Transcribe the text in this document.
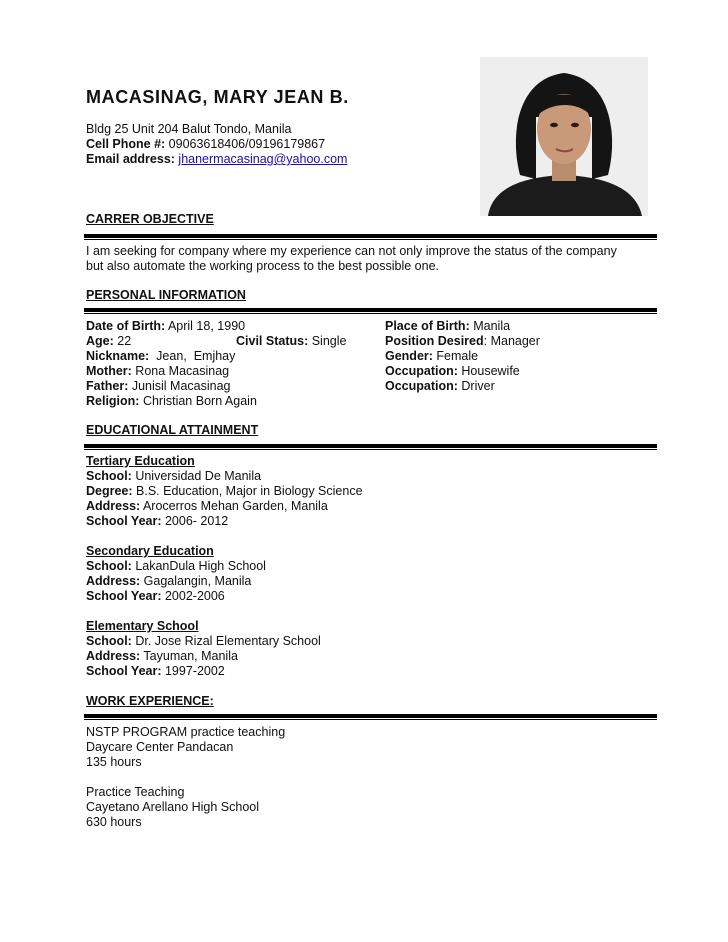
MACASINAG, MARY JEAN B.
Bldg 25 Unit 204 Balut Tondo, Manila
Cell Phone #: 09063618406/09196179867
Email address: jhanermacasinag@yahoo.com
CARRER OBJECTIVE
I am seeking for company where my experience can not only improve the status of the company
but also automate the working process to the best possible one.
PERSONAL INFORMATION
Date of Birth: April 18, 1990
Age: 22
Nickname:  Jean,  Emjhay
Mother: Rona Macasinag
Father: Junisil Macasinag
Religion: Christian Born Again
Civil Status: Single
Place of Birth: Manila
Position Desired: Manager
Gender: Female
Occupation: Housewife
Occupation: Driver
EDUCATIONAL ATTAINMENT
Tertiary Education
School: Universidad De Manila
Degree: B.S. Education, Major in Biology Science
Address: Arocerros Mehan Garden, Manila
School Year: 2006- 2012
Secondary Education
School: LakanDula High School
Address: Gagalangin, Manila
School Year: 2002-2006
Elementary School
School: Dr. Jose Rizal Elementary School
Address: Tayuman, Manila
School Year: 1997-2002
WORK EXPERIENCE:
NSTP PROGRAM practice teaching
Daycare Center Pandacan
135 hours
Practice Teaching
Cayetano Arellano High School
630 hours
